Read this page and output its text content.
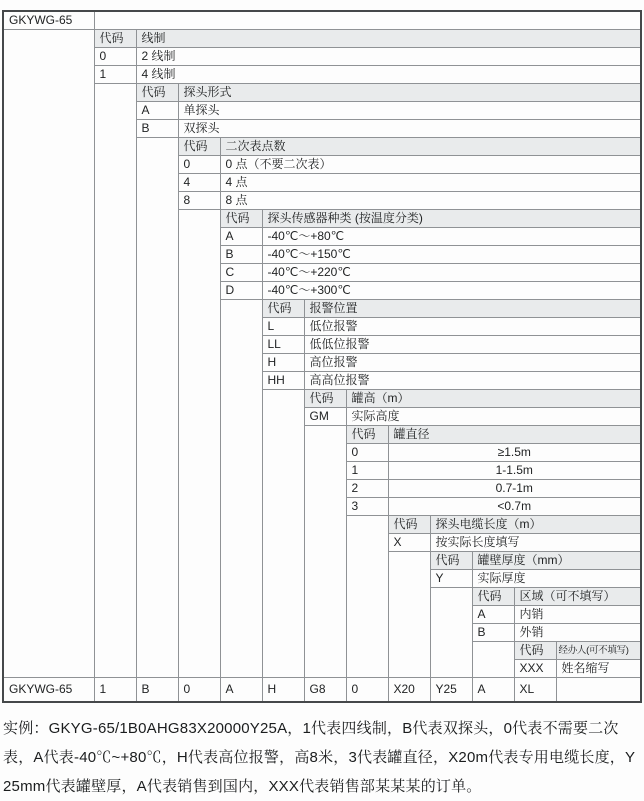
GKYWG-65												
	代码	线制										
	0	2 线制										
	1	4 线制										
		代码	探头形式									
		A	单探头									
		B	双探头									
			代码	二次表点数								
			0	0 点（不要二次表）								
			4	4 点								
			8	8 点								
				代码	探头传感器种类 (按温度分类)							
				A	-40℃～+80℃							
				B	-40℃～+150℃							
				C	-40℃～+220℃							
				D	-40℃～+300℃							
					代码	报警位置						
					L	低位报警						
					LL	低低位报警						
					H	高位报警						
					HH	高高位报警						
						代码	罐高（m）					
						GM	实际高度					
							代码	罐直径				
							0	≥1.5m				
							1	1-1.5m				
							2	0.7-1m				
							3	<0.7m				
								代码	探头电缆长度（m）			
								X	按实际长度填写			
									代码	罐壁厚度（mm）		
									Y	实际厚度		
										代码	区域（可不填写）	
										A	内销	
										B	外销	
											代码	经办人(可不填写)
											XXX	姓名缩写
GKYWG-65	1	B	0	A	H	G8	0	X20	Y25	A	XL	

实例：GKYG-65/1B0AHG83X20000Y25A，1代表四线制，B代表双探头，0代表不需要二次表，A代表-40℃~+80℃，H代表高位报警，高8米，3代表罐直径，X20m代表专用电缆长度，Y25mm代表罐壁厚，A代表销售到国内，XXX代表销售部某某某的订单。
